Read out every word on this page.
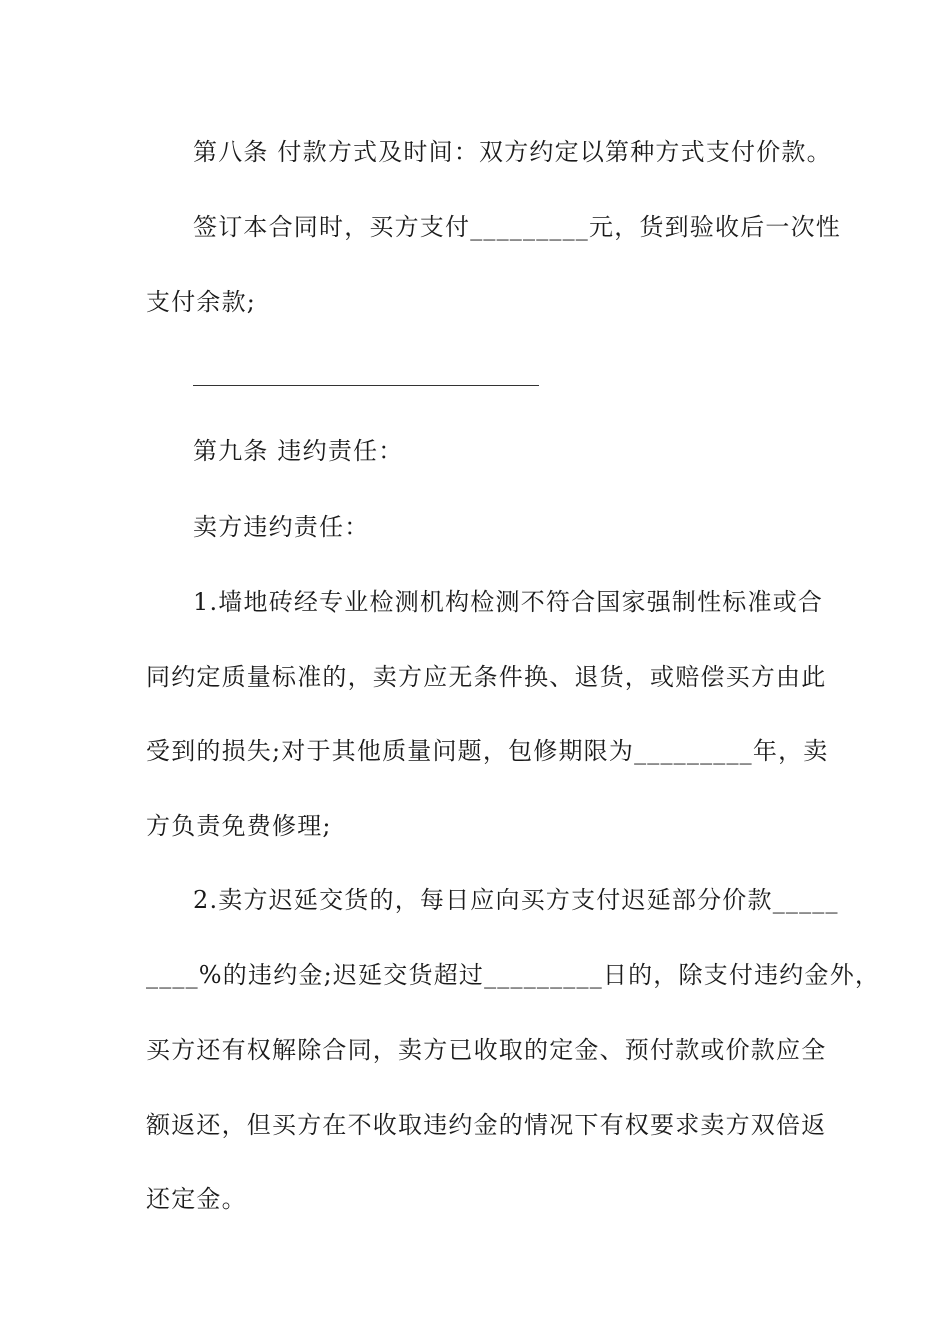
第八条 付款方式及时间：双方约定以第种方式支付价款。
签订本合同时，买方支付_________元，货到验收后一次性
支付余款;
第九条 违约责任：
卖方违约责任：
1.墙地砖经专业检测机构检测不符合国家强制性标准或合
同约定质量标准的，卖方应无条件换、退货，或赔偿买方由此
受到的损失;对于其他质量问题，包修期限为_________年，卖
方负责免费修理;
2.卖方迟延交货的，每日应向买方支付迟延部分价款_____
____%的违约金;迟延交货超过_________日的，除支付违约金外，
买方还有权解除合同，卖方已收取的定金、预付款或价款应全
额返还，但买方在不收取违约金的情况下有权要求卖方双倍返
还定金。
